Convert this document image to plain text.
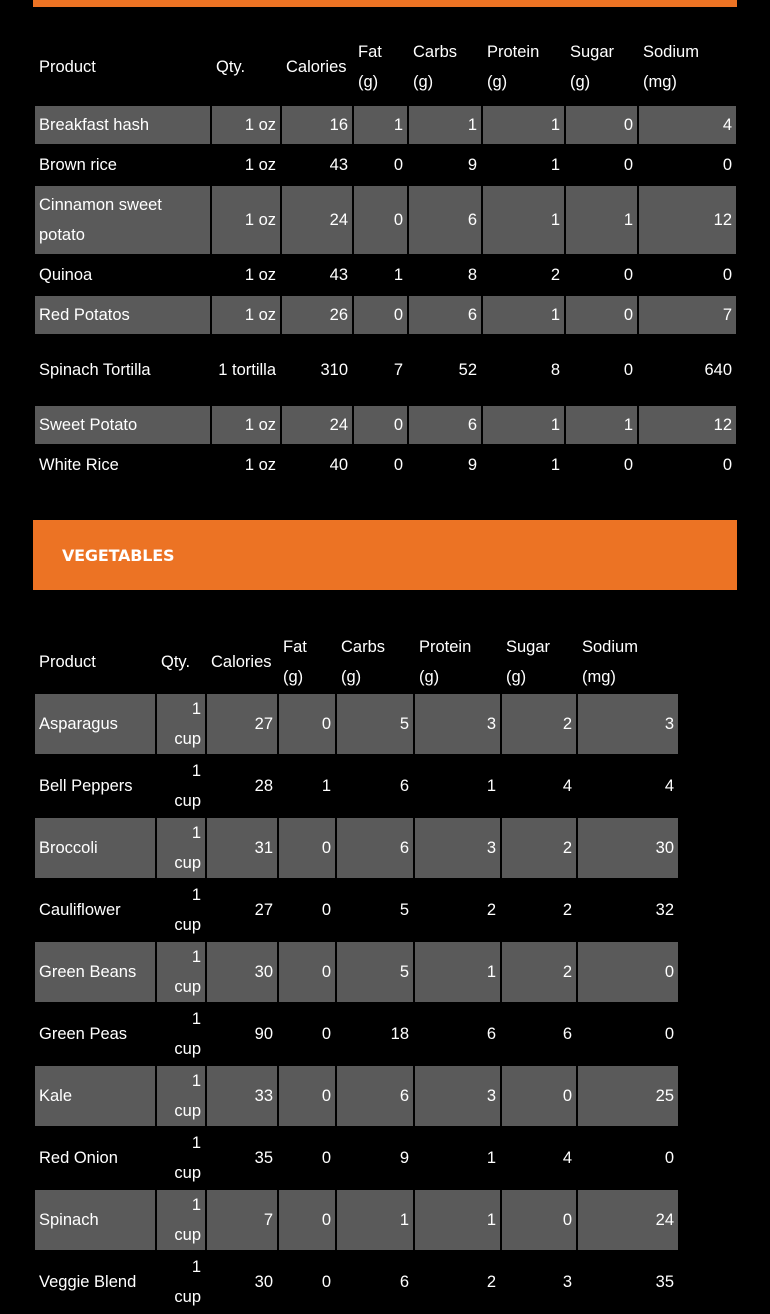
Product	Qty.	Calories	Fat (g)	Carbs (g)	Protein (g)	Sugar (g)	Sodium (mg)
Breakfast hash	1 oz	16	1	1	1	0	4
Brown rice	1 oz	43	0	9	1	0	0
Cinnamon sweet potato	1 oz	24	0	6	1	1	12
Quinoa	1 oz	43	1	8	2	0	0
Red Potatos	1 oz	26	0	6	1	0	7
Spinach Tortilla	1 tortilla	310	7	52	8	0	640
Sweet Potato	1 oz	24	0	6	1	1	12
White Rice	1 oz	40	0	9	1	0	0
VEGETABLES
Product	Qty.	Calories	Fat (g)	Carbs (g)	Protein (g)	Sugar (g)	Sodium (mg)
Asparagus	1 cup	27	0	5	3	2	3
Bell Peppers	1 cup	28	1	6	1	4	4
Broccoli	1 cup	31	0	6	3	2	30
Cauliflower	1 cup	27	0	5	2	2	32
Green Beans	1 cup	30	0	5	1	2	0
Green Peas	1 cup	90	0	18	6	6	0
Kale	1 cup	33	0	6	3	0	25
Red Onion	1 cup	35	0	9	1	4	0
Spinach	1 cup	7	0	1	1	0	24
Veggie Blend	1 cup	30	0	6	2	3	35
